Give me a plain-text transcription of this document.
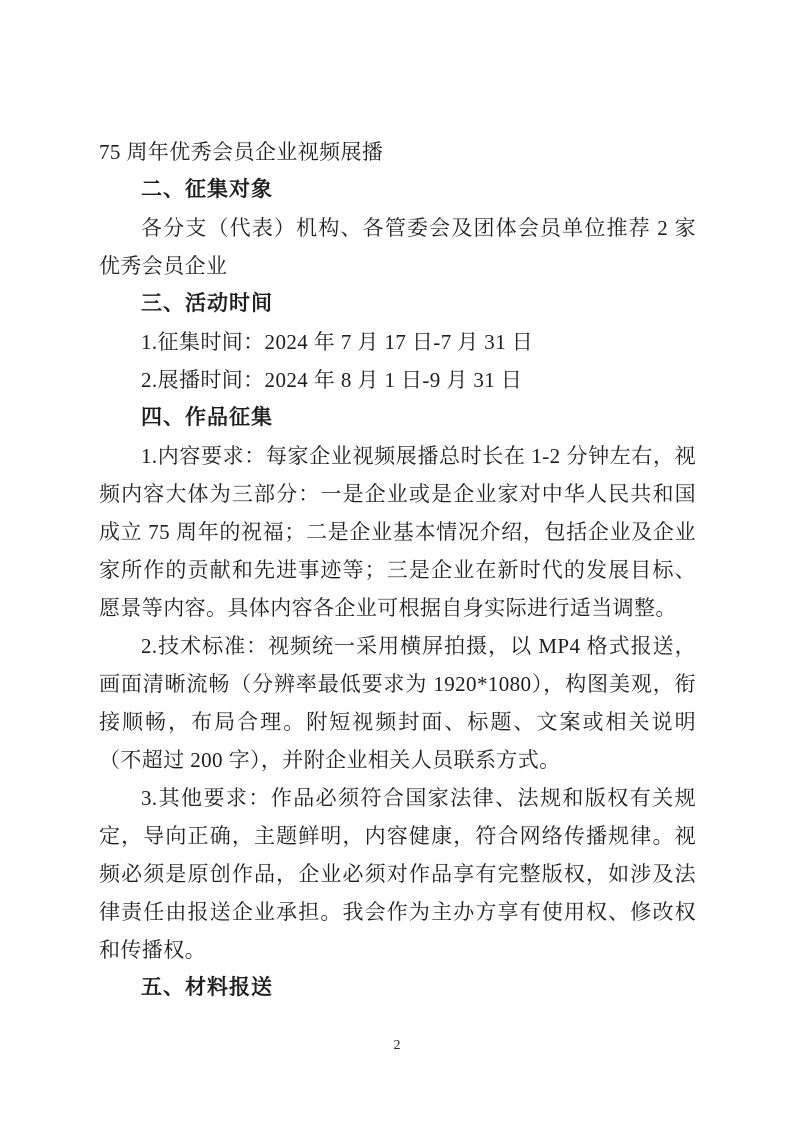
75 周年优秀会员企业视频展播

二、征集对象

各分支（代表）机构、各管委会及团体会员单位推荐 2 家优秀会员企业

三、活动时间

1.征集时间：2024 年 7 月 17 日-7 月 31 日

2.展播时间：2024 年 8 月 1 日-9 月 31 日

四、作品征集

1.内容要求：每家企业视频展播总时长在 1-2 分钟左右，视频内容大体为三部分：一是企业或是企业家对中华人民共和国成立 75 周年的祝福；二是企业基本情况介绍，包括企业及企业家所作的贡献和先进事迹等；三是企业在新时代的发展目标、愿景等内容。具体内容各企业可根据自身实际进行适当调整。

2.技术标准：视频统一采用横屏拍摄，以 MP4 格式报送，画面清晰流畅（分辨率最低要求为 1920*1080），构图美观，衔接顺畅，布局合理。附短视频封面、标题、文案或相关说明（不超过 200 字），并附企业相关人员联系方式。

3.其他要求：作品必须符合国家法律、法规和版权有关规定，导向正确，主题鲜明，内容健康，符合网络传播规律。视频必须是原创作品，企业必须对作品享有完整版权，如涉及法律责任由报送企业承担。我会作为主办方享有使用权、修改权和传播权。

五、材料报送

2
